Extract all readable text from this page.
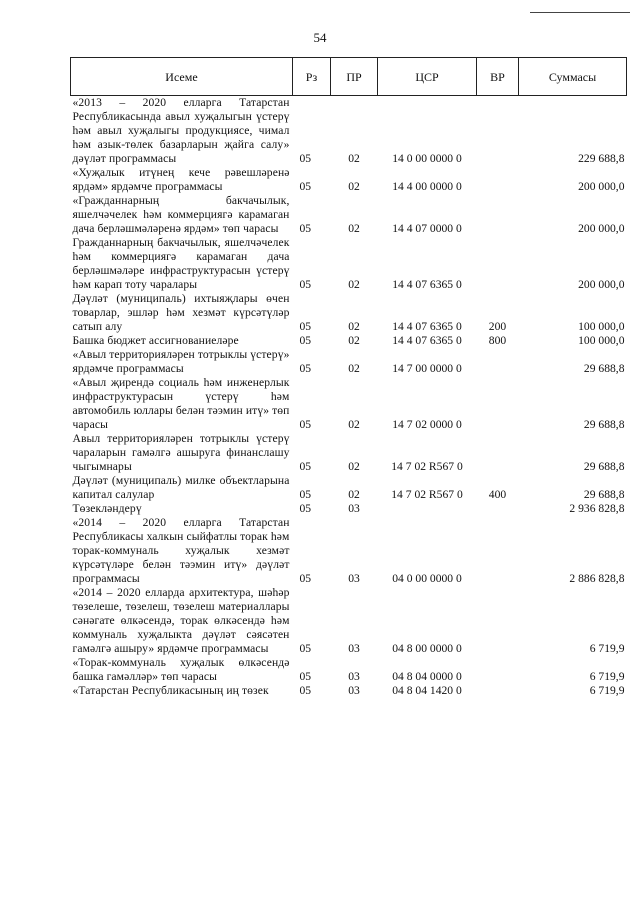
54
Исеме	Рз	ПР	ЦСР	ВР	Суммасы
«2013 – 2020 елларга Татарстан Республикасында авыл хуҗалыгын үстерү һәм авыл хуҗалыгы продукциясе, чимал һәм азык-төлек базарларын җайга салу» дәүләт программасы	05	02	14 0 00 0000 0		229 688,8
«Хуҗалык итүнең кече рәвешләренә ярдәм» ярдәмче программасы	05	02	14 4 00 0000 0		200 000,0
«Гражданнарның бакчачылык, яшелчәчелек һәм коммерциягә карамаган дача берләшмәләренә ярдәм» төп чарасы	05	02	14 4 07 0000 0		200 000,0
Гражданнарның бакчачылык, яшелчәчелек һәм коммерциягә карамаган дача берләшмәләре инфраструктурасын үстерү һәм карап тоту чаралары	05	02	14 4 07 6365 0		200 000,0
Дәүләт (муниципаль) ихтыяҗлары өчен товарлар, эшләр һәм хезмәт күрсәтүләр сатып алу	05	02	14 4 07 6365 0	200	100 000,0
Башка бюджет ассигнованиеләре	05	02	14 4 07 6365 0	800	100 000,0
«Авыл территорияләрен тотрыклы үстерү» ярдәмче программасы	05	02	14 7 00 0000 0		29 688,8
«Авыл җирендә социаль һәм инженерлык инфраструктурасын үстерү һәм автомобиль юллары белән тәэмин итү» төп чарасы	05	02	14 7 02 0000 0		29 688,8
Авыл территорияләрен тотрыклы үстерү чараларын гамәлгә ашыруга финанслашу чыгымнары	05	02	14 7 02 R567 0		29 688,8
Дәүләт (муниципаль) милке объектларына капитал салулар	05	02	14 7 02 R567 0	400	29 688,8
Төзекләндерү	05	03			2 936 828,8
«2014 – 2020 елларга Татарстан Республикасы халкын сыйфатлы торак һәм торак-коммуналь хуҗалык хезмәт күрсәтүләре белән тәэмин итү» дәүләт программасы	05	03	04 0 00 0000 0		2 886 828,8
«2014 – 2020 елларда архитектура, шәһәр төзелеше, төзелеш, төзелеш материаллары сәнәгате өлкәсендә, торак өлкәсендә һәм коммуналь хуҗалыкта дәүләт сәясәтен гамәлгә ашыру» ярдәмче программасы	05	03	04 8 00 0000 0		6 719,9
«Торак-коммуналь хуҗалык өлкәсендә башка гамәлләр» төп чарасы	05	03	04 8 04 0000 0		6 719,9
«Татарстан Республикасының иң төзек	05	03	04 8 04 1420 0		6 719,9
